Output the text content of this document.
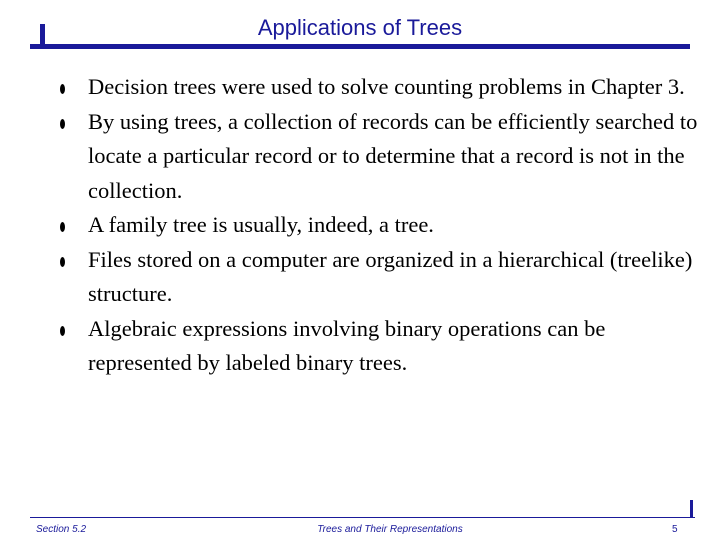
Applications of Trees
Decision trees were used to solve counting problems in Chapter 3.
By using trees, a collection of records can be efficiently searched to locate a particular record or to determine that a record is not in the collection.
A family tree is usually, indeed, a tree.
Files stored on a computer are organized in a hierarchical (treelike) structure.
Algebraic expressions involving binary operations can be represented by labeled binary trees.
Section 5.2	Trees and Their Representations	5
